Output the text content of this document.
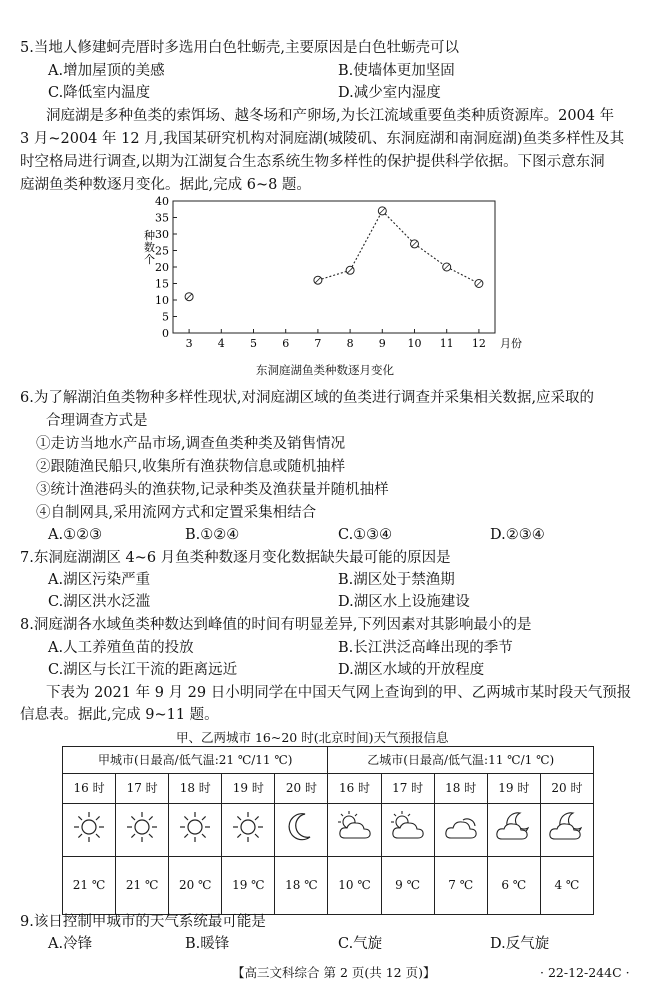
5.当地人修建蚵壳厝时多选用白色牡蛎壳,主要原因是白色牡蛎壳可以
A.增加屋顶的美感	B.使墙体更加坚固
C.降低室内温度	D.减少室内湿度
洞庭湖是多种鱼类的索饵场、越冬场和产卵场,为长江流域重要鱼类种质资源库。2004 年
3 月~2004 年 12 月,我国某研究机构对洞庭湖(城陵矶、东洞庭湖和南洞庭湖)鱼类多样性及其
时空格局进行调查,以期为江湖复合生态系统生物多样性的保护提供科学依据。下图示意东洞
庭湖鱼类种数逐月变化。据此,完成 6~8 题。
0
5
10
15
20
25
30
35
40
3 4 5 6 7 8 9 10 11 12 月份
种
数
个
东洞庭湖鱼类种数逐月变化
6.为了解湖泊鱼类物种多样性现状,对洞庭湖区域的鱼类进行调查并采集相关数据,应采取的
合理调查方式是
①走访当地水产品市场,调查鱼类种类及销售情况
②跟随渔民船只,收集所有渔获物信息或随机抽样
③统计渔港码头的渔获物,记录种类及渔获量并随机抽样
④自制网具,采用流网方式和定置采集相结合
A.①②③	B.①②④	C.①③④	D.②③④
7.东洞庭湖湖区 4~6 月鱼类种数逐月变化数据缺失最可能的原因是
A.湖区污染严重	B.湖区处于禁渔期
C.湖区洪水泛滥	D.湖区水上设施建设
8.洞庭湖各水域鱼类种数达到峰值的时间有明显差异,下列因素对其影响最小的是
A.人工养殖鱼苗的投放	B.长江洪泛高峰出现的季节
C.湖区与长江干流的距离远近	D.湖区水域的开放程度
下表为 2021 年 9 月 29 日小明同学在中国天气网上查询到的甲、乙两城市某时段天气预报
信息表。据此,完成 9~11 题。
甲、乙两城市 16~20 时(北京时间)天气预报信息
甲城市(日最高/低气温:21 ℃/11 ℃)					乙城市(日最高/低气温:11 ℃/1 ℃)				
16 时	17 时	18 时	19 时	20 时	16 时	17 时	18 时	19 时	20 时

21 ℃	21 ℃	20 ℃	19 ℃	18 ℃	10 ℃	9 ℃	7 ℃	6 ℃	4 ℃
9.该日控制甲城市的天气系统最可能是
A.冷锋	B.暖锋	C.气旋	D.反气旋
【高三文科综合 第 2 页(共 12 页)】	· 22-12-244C ·
